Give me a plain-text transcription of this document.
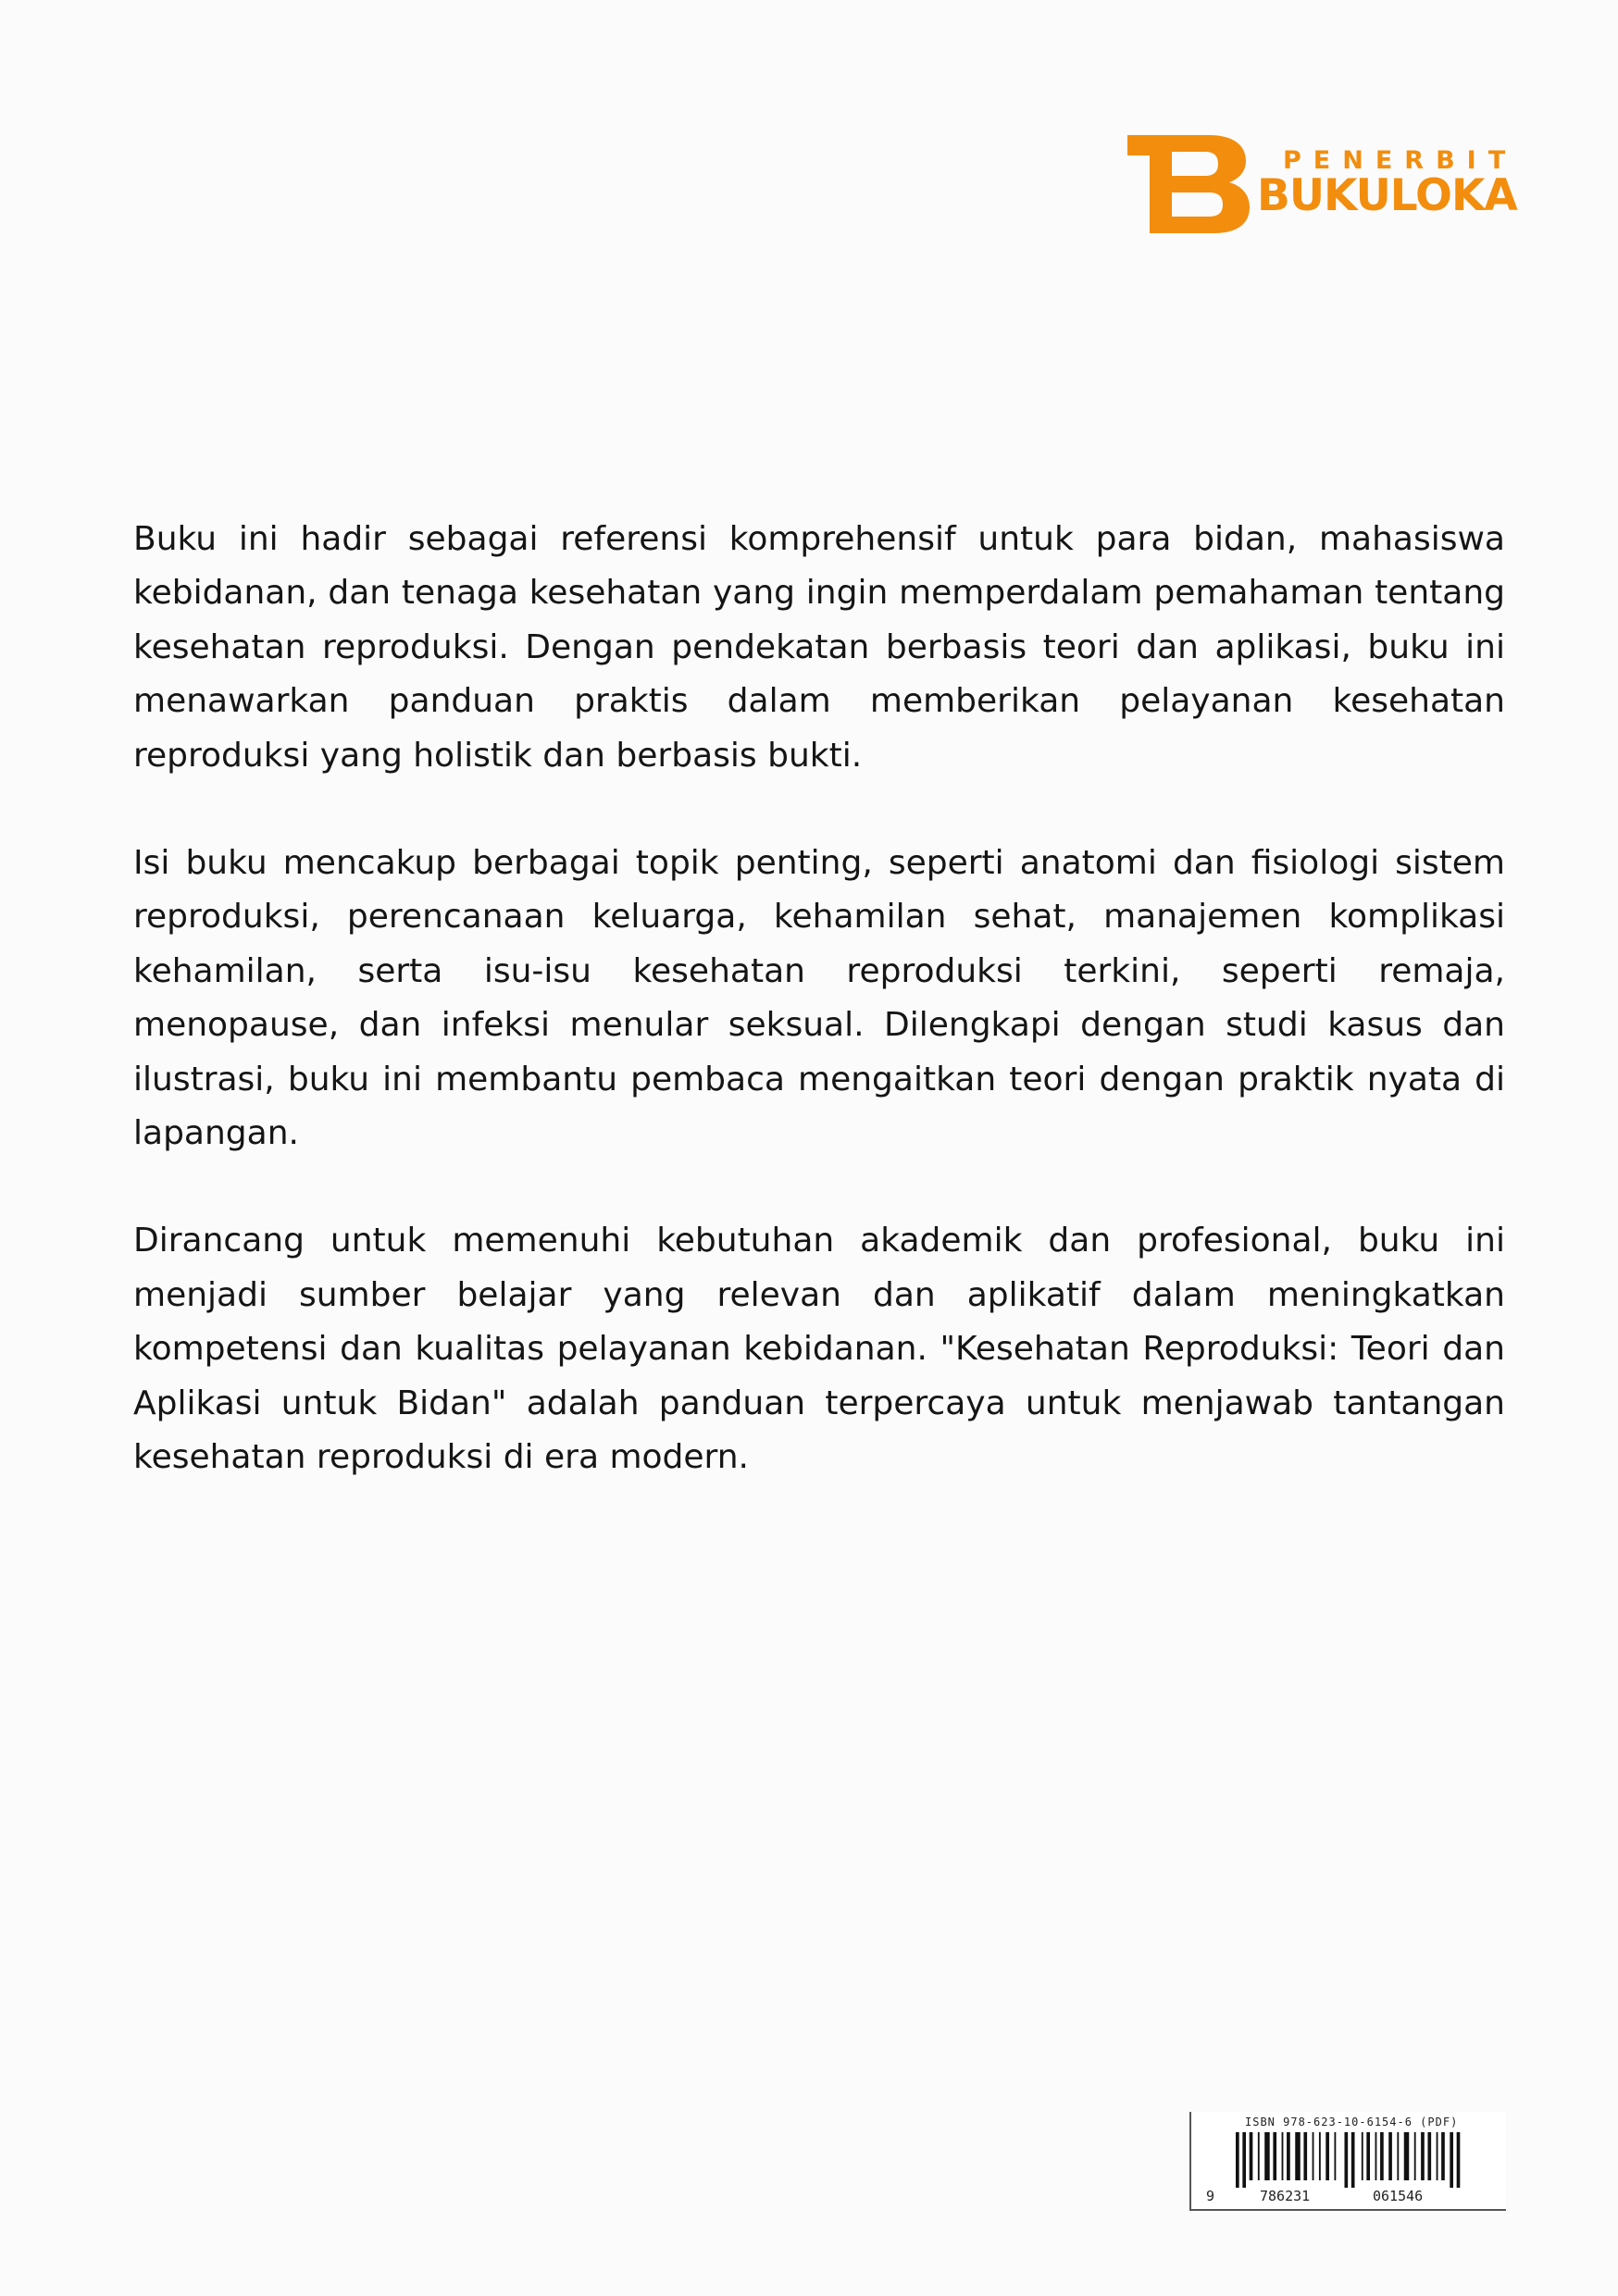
PENERBIT
BUKULOKA

Buku ini hadir sebagai referensi komprehensif untuk para bidan, mahasiswa kebidanan, dan tenaga kesehatan yang ingin memperdalam pemahaman tentang kesehatan reproduksi. Dengan pendekatan berbasis teori dan aplikasi, buku ini menawarkan panduan praktis dalam memberikan pelayanan kesehatan reproduksi yang holistik dan berbasis bukti.

Isi buku mencakup berbagai topik penting, seperti anatomi dan fisiologi sistem reproduksi, perencanaan keluarga, kehamilan sehat, manajemen komplikasi kehamilan, serta isu-isu kesehatan reproduksi terkini, seperti remaja, menopause, dan infeksi menular seksual. Dilengkapi dengan studi kasus dan ilustrasi, buku ini membantu pembaca mengaitkan teori dengan praktik nyata di lapangan.

Dirancang untuk memenuhi kebutuhan akademik dan profesional, buku ini menjadi sumber belajar yang relevan dan aplikatif dalam meningkatkan kompetensi dan kualitas pelayanan kebidanan. "Kesehatan Reproduksi: Teori dan Aplikasi untuk Bidan" adalah panduan terpercaya untuk menjawab tantangan kesehatan reproduksi di era modern.

ISBN 978-623-10-6154-6 (PDF)
9	786231	061546
